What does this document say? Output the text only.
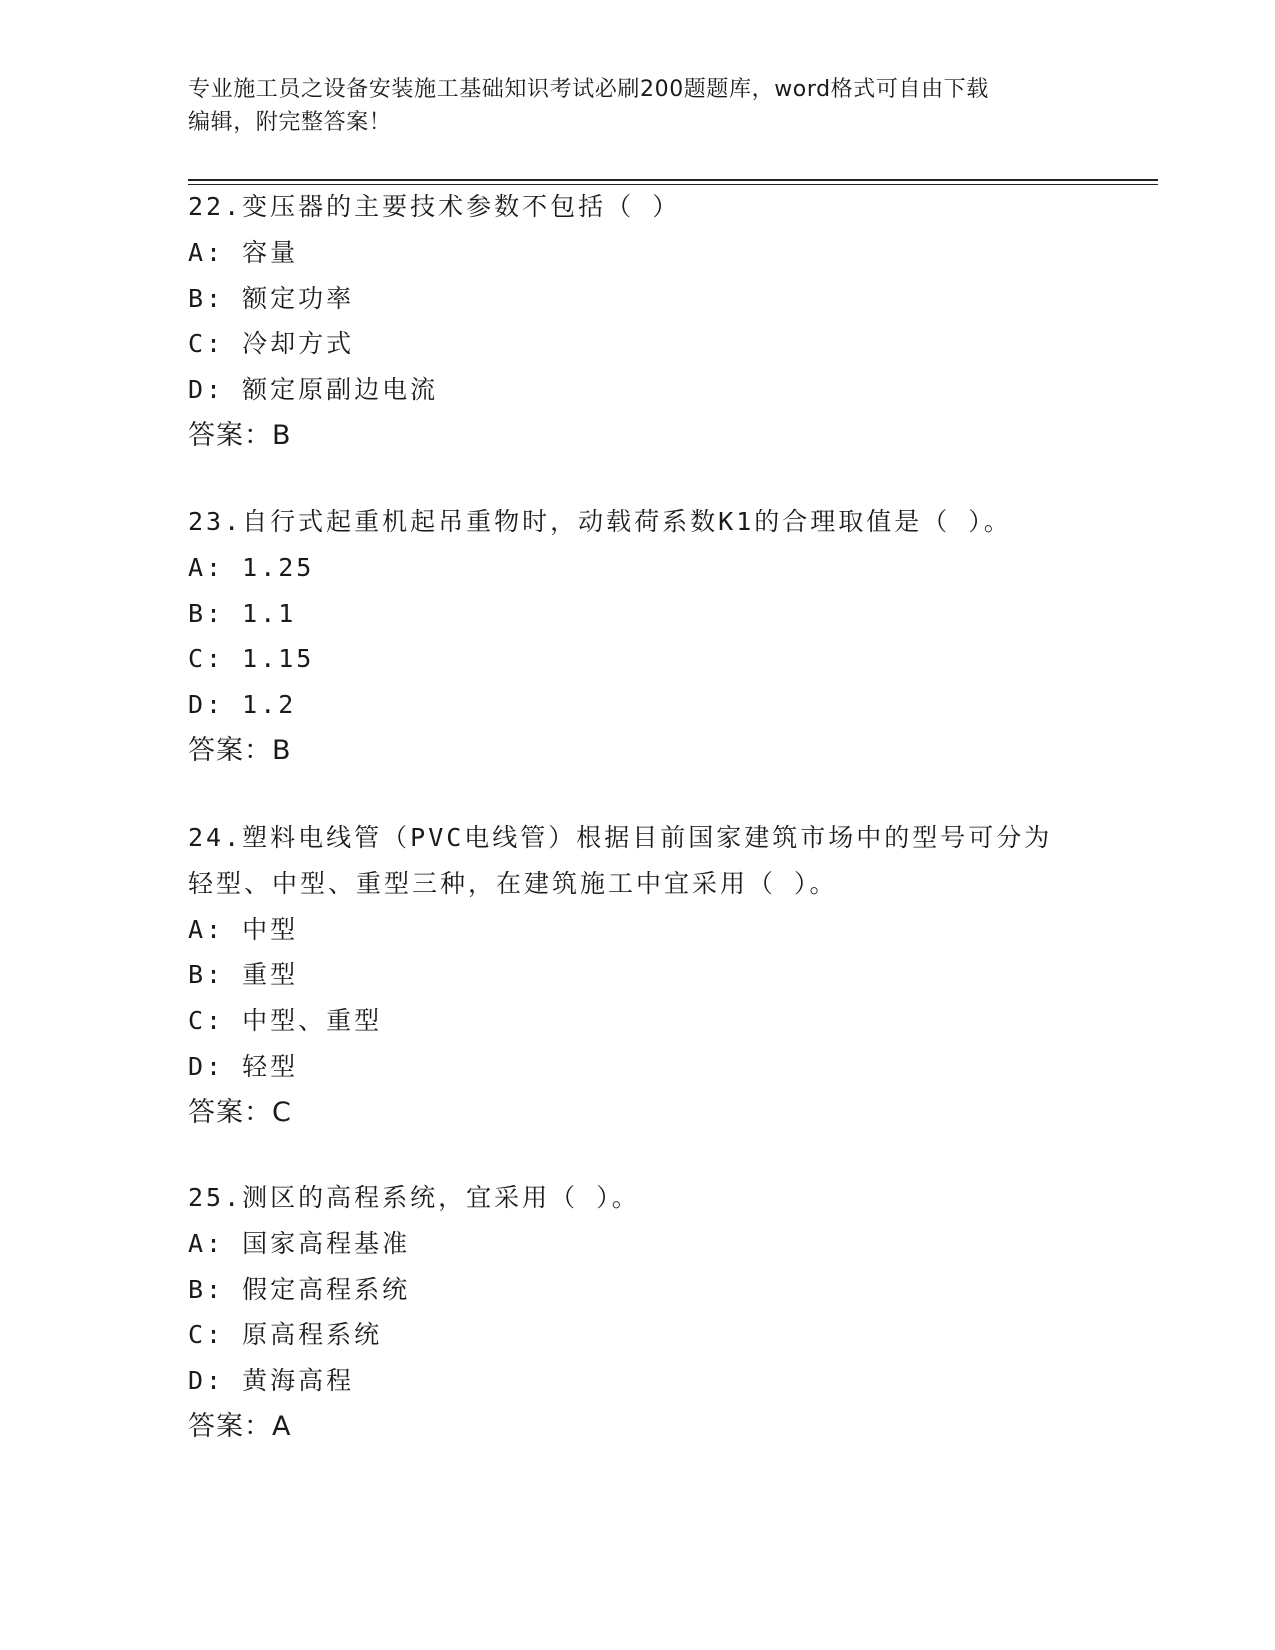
专业施工员之设备安装施工基础知识考试必刷200题题库，word格式可自由下载
编辑，附完整答案！
22.变压器的主要技术参数不包括（ ）
A: 容量
B: 额定功率
C: 冷却方式
D: 额定原副边电流
答案：B
23.自行式起重机起吊重物时，动载荷系数K1的合理取值是（ ）。
A: 1.25
B: 1.1
C: 1.15
D: 1.2
答案：B
24.塑料电线管（PVC电线管）根据目前国家建筑市场中的型号可分为
轻型、中型、重型三种，在建筑施工中宜采用（ ）。
A: 中型
B: 重型
C: 中型、重型
D: 轻型
答案：C
25.测区的高程系统，宜采用（ ）。
A: 国家高程基准
B: 假定高程系统
C: 原高程系统
D: 黄海高程
答案：A
